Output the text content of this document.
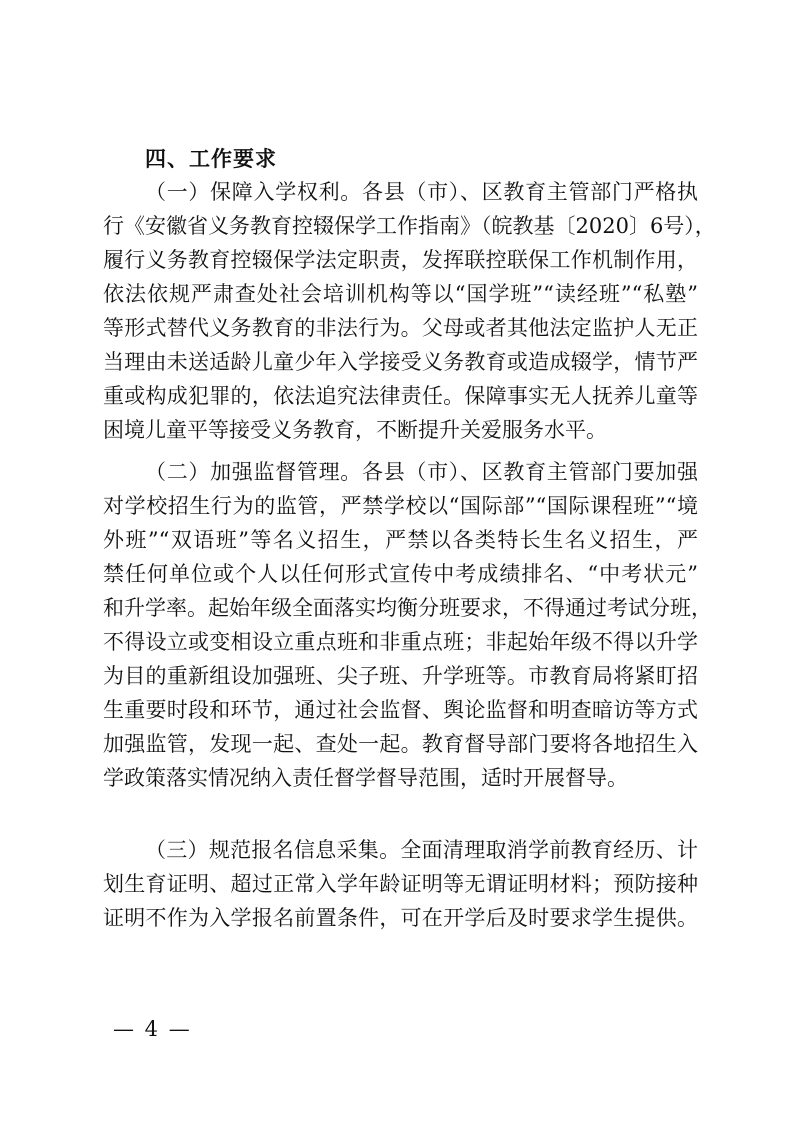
四、工作要求

（一）保障入学权利。各县（市）、区教育主管部门严格执

行《安徽省义务教育控辍保学工作指南》（皖教基〔2020〕6号），

履行义务教育控辍保学法定职责，发挥联控联保工作机制作用，

依法依规严肃查处社会培训机构等以“国学班”“读经班”“私塾”

等形式替代义务教育的非法行为。父母或者其他法定监护人无正

当理由未送适龄儿童少年入学接受义务教育或造成辍学，情节严

重或构成犯罪的，依法追究法律责任。保障事实无人抚养儿童等

困境儿童平等接受义务教育，不断提升关爱服务水平。

（二）加强监督管理。各县（市）、区教育主管部门要加强

对学校招生行为的监管，严禁学校以“国际部”“国际课程班”“境

外班”“双语班”等名义招生，严禁以各类特长生名义招生，严

禁任何单位或个人以任何形式宣传中考成绩排名、“中考状元”

和升学率。起始年级全面落实均衡分班要求，不得通过考试分班，

不得设立或变相设立重点班和非重点班；非起始年级不得以升学

为目的重新组设加强班、尖子班、升学班等。市教育局将紧盯招

生重要时段和环节，通过社会监督、舆论监督和明查暗访等方式

加强监管，发现一起、查处一起。教育督导部门要将各地招生入

学政策落实情况纳入责任督学督导范围，适时开展督导。

（三）规范报名信息采集。全面清理取消学前教育经历、计

划生育证明、超过正常入学年龄证明等无谓证明材料；预防接种

证明不作为入学报名前置条件，可在开学后及时要求学生提供。

— 4 —
